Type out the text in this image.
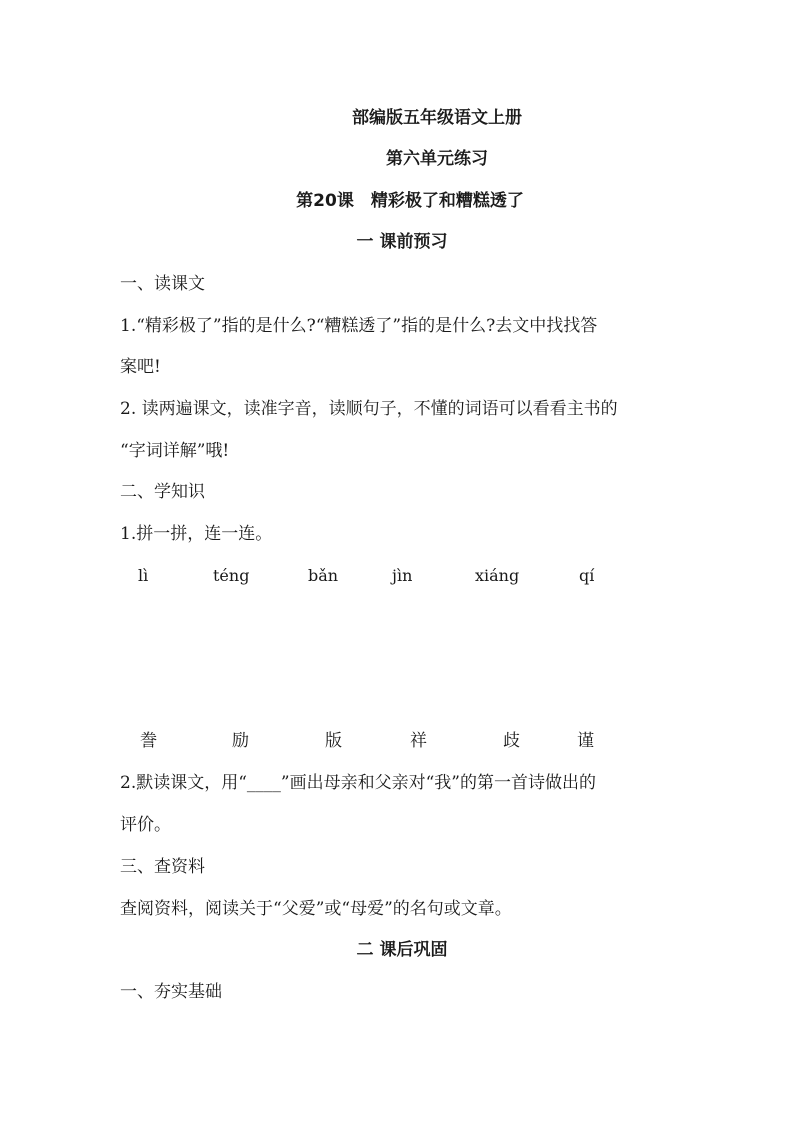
部编版五年级语文上册
第六单元练习
第20课　精彩极了和糟糕透了
一 课前预习
一、读课文
1.“精彩极了”指的是什么?“糟糕透了”指的是什么?去文中找找答
案吧!
2. 读两遍课文，读准字音，读顺句子，不懂的词语可以看看主书的
“字词详解”哦!
二、学知识
1.拼一拼，连一连。
lì	téng	bǎn	jìn	xiáng	qí
誊	励	版	祥	歧	谨
2.默读课文，用“____”画出母亲和父亲对“我”的第一首诗做出的
评价。
三、查资料
查阅资料，阅读关于“父爱”或“母爱”的名句或文章。
二 课后巩固
一、夯实基础
